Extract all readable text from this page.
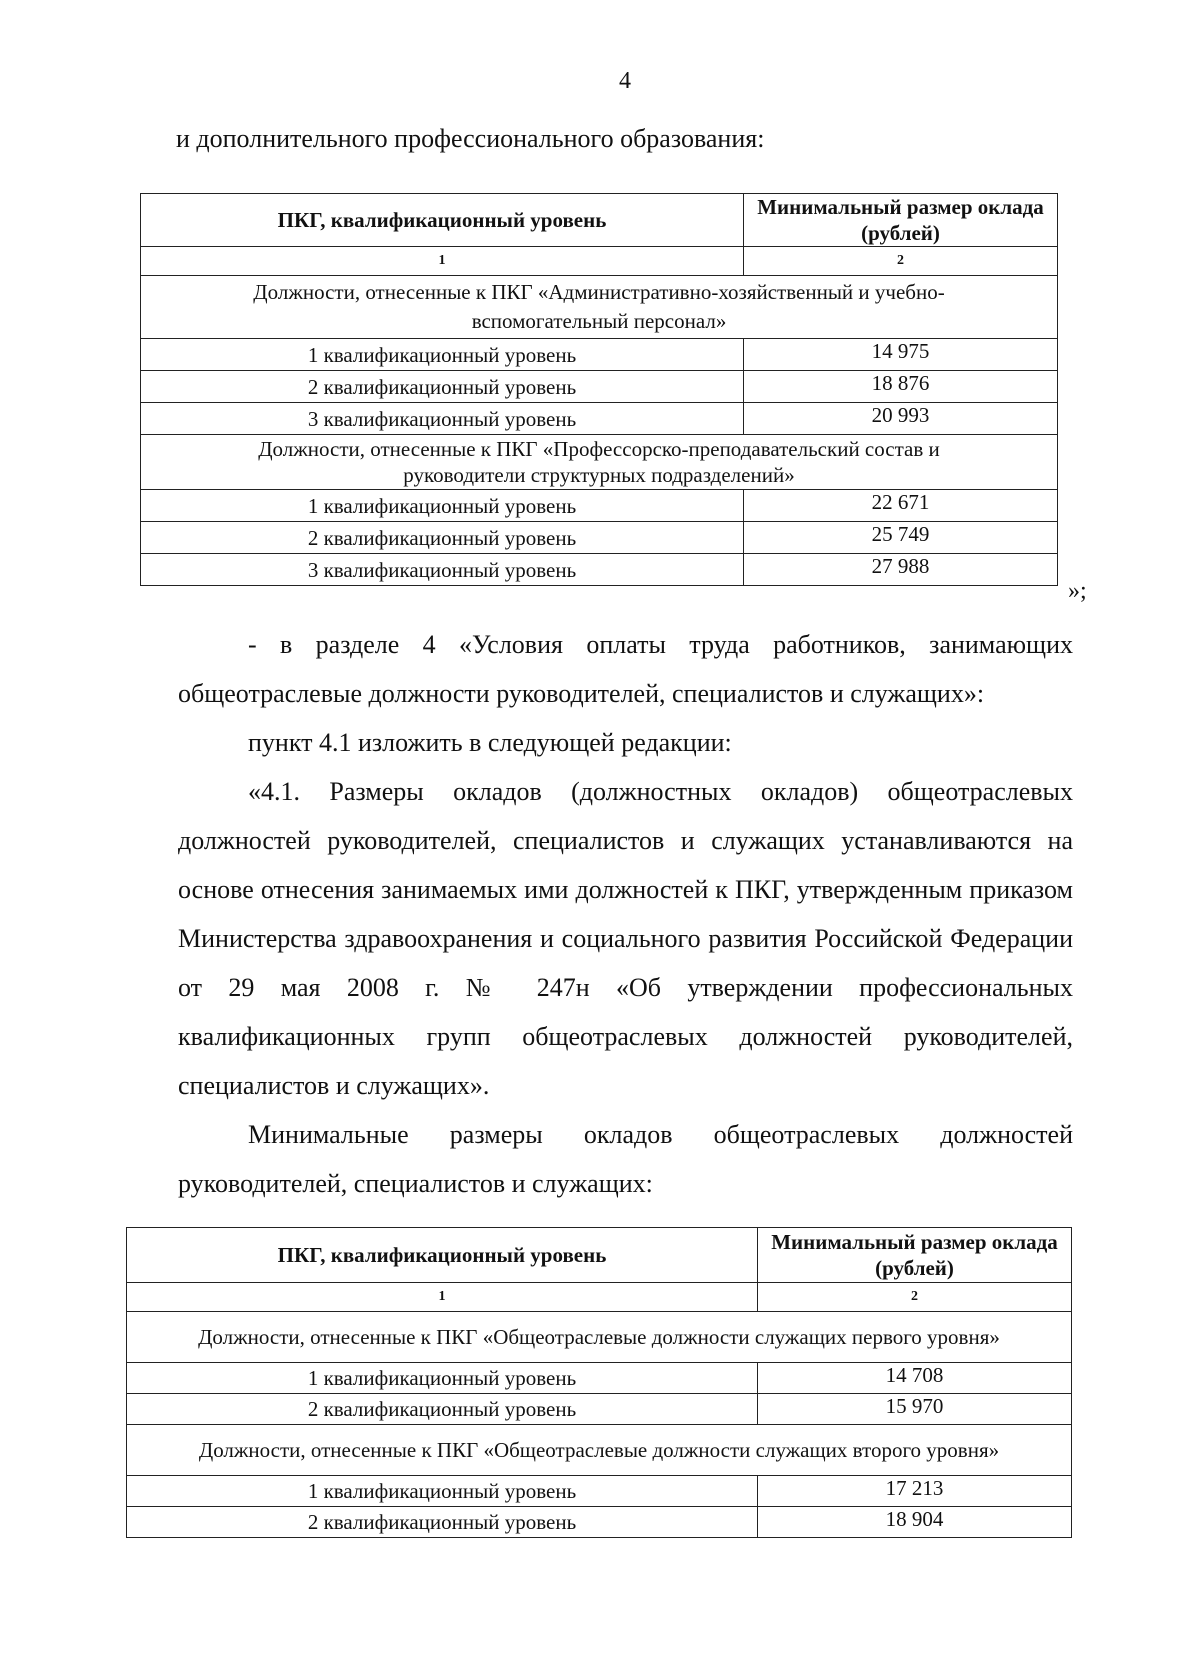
4
и дополнительного профессионального образования:
ПКГ, квалификационный уровень	Минимальный размер оклада (рублей)
1	2
Должности, отнесенные к ПКГ «Административно-хозяйственный и учебно-вспомогательный персонал»	
1 квалификационный уровень	14 975
2 квалификационный уровень	18 876
3 квалификационный уровень	20 993
Должности, отнесенные к ПКГ «Профессорско-преподавательский состав и руководители структурных подразделений»	
1 квалификационный уровень	22 671
2 квалификационный уровень	25 749
3 квалификационный уровень	27 988
»;

- в разделе 4 «Условия оплаты труда работников, занимающих общеотраслевые должности руководителей, специалистов и служащих»:

пункт 4.1 изложить в следующей редакции:

«4.1. Размеры окладов (должностных окладов) общеотраслевых должностей руководителей, специалистов и служащих устанавливаются на основе отнесения занимаемых ими должностей к ПКГ, утвержденным приказом Министерства здравоохранения и социального развития Российской Федерации от 29 мая 2008 г. № 247н «Об утверждении профессиональных квалификационных групп общеотраслевых должностей руководителей, специалистов и служащих».

Минимальные размеры окладов общеотраслевых должностей руководителей, специалистов и служащих:

ПКГ, квалификационный уровень	Минимальный размер оклада (рублей)
1	2
Должности, отнесенные к ПКГ «Общеотраслевые должности служащих первого уровня»	
1 квалификационный уровень	14 708
2 квалификационный уровень	15 970
Должности, отнесенные к ПКГ «Общеотраслевые должности служащих второго уровня»	
1 квалификационный уровень	17 213
2 квалификационный уровень	18 904
